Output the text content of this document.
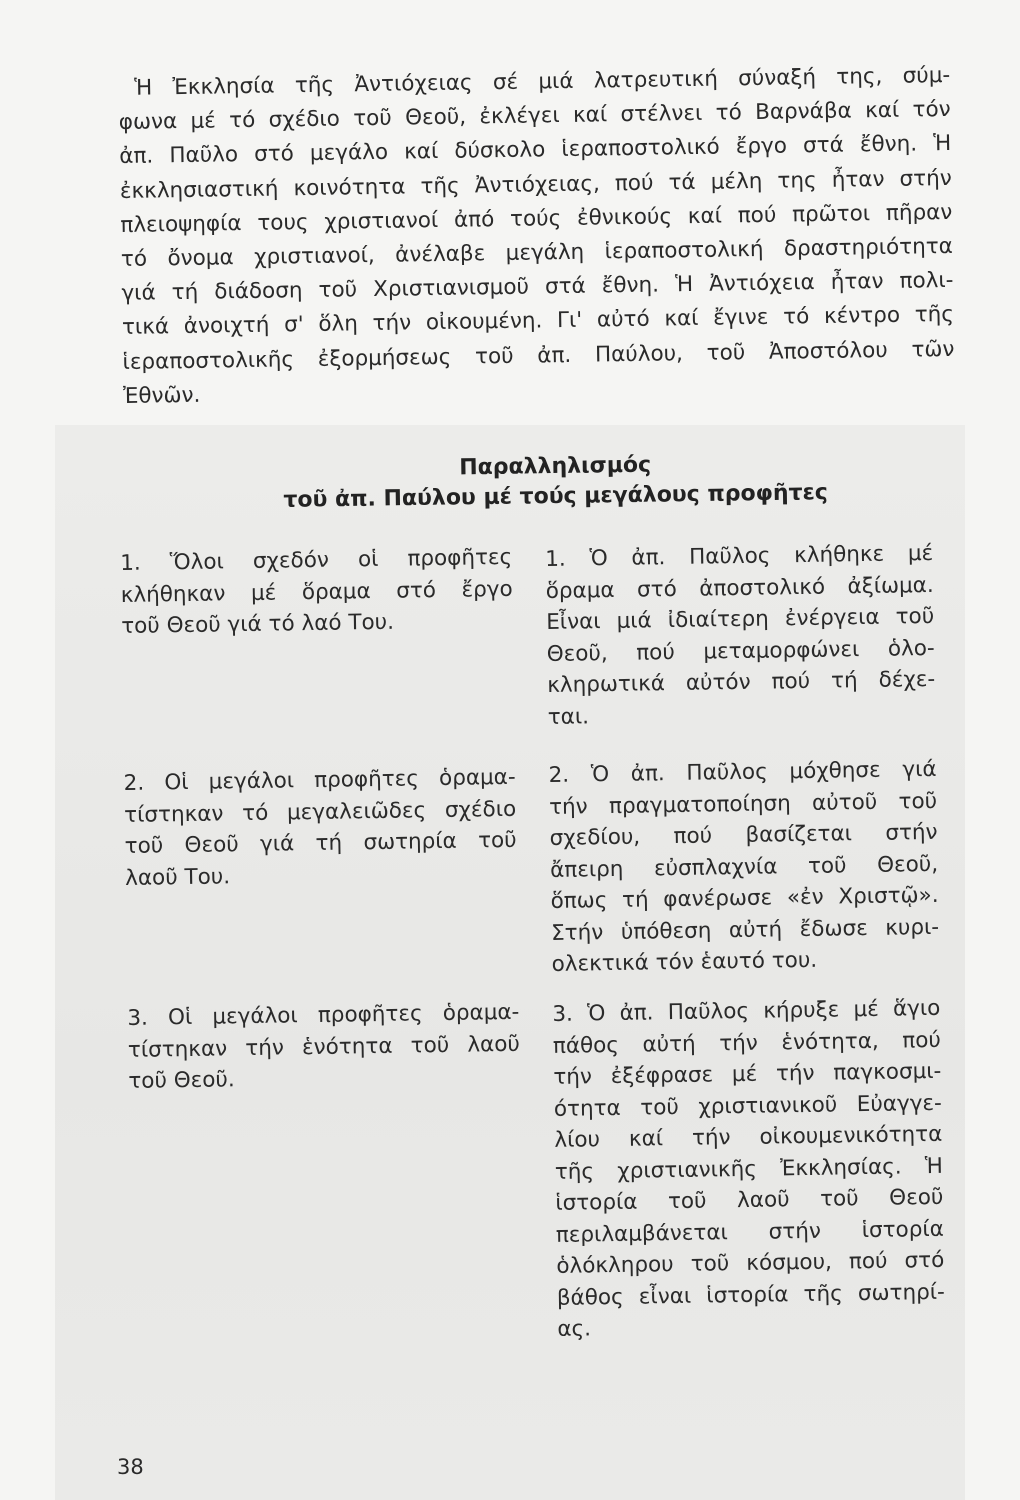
Ἡ Ἐκκλησία τῆς Ἀντιόχειας σέ μιά λατρευτική σύναξή της, σύμ-
φωνα μέ τό σχέδιο τοῦ Θεοῦ, ἐκλέγει καί στέλνει τό Βαρνάβα καί τόν
ἀπ. Παῦλο στό μεγάλο καί δύσκολο ἱεραποστολικό ἔργο στά ἔθνη. Ἡ
ἐκκλησιαστική κοινότητα τῆς Ἀντιόχειας, πού τά μέλη της ἦταν στήν
πλειοψηφία τους χριστιανοί ἀπό τούς ἐθνικούς καί πού πρῶτοι πῆραν
τό ὄνομα χριστιανοί, ἀνέλαβε μεγάλη ἱεραποστολική δραστηριότητα
γιά τή διάδοση τοῦ Χριστιανισμοῦ στά ἔθνη. Ἡ Ἀντιόχεια ἦταν πολι-
τικά ἀνοιχτή σ' ὅλη τήν οἰκουμένη. Γι' αὐτό καί ἔγινε τό κέντρο τῆς
ἱεραποστολικῆς ἐξορμήσεως τοῦ ἀπ. Παύλου, τοῦ Ἀποστόλου τῶν
Ἐθνῶν.

Παραλληλισμός
τοῦ ἀπ. Παύλου μέ τούς μεγάλους προφῆτες
1. Ὅλοι σχεδόν οἱ προφῆτες
κλήθηκαν μέ ὅραμα στό ἔργο
τοῦ Θεοῦ γιά τό λαό Του.
2. Οἱ μεγάλοι προφῆτες ὁραμα-
τίστηκαν τό μεγαλειῶδες σχέδιο
τοῦ Θεοῦ γιά τή σωτηρία τοῦ
λαοῦ Του.
3. Οἱ μεγάλοι προφῆτες ὁραμα-
τίστηκαν τήν ἑνότητα τοῦ λαοῦ
τοῦ Θεοῦ.
1. Ὁ ἀπ. Παῦλος κλήθηκε μέ
ὅραμα στό ἀποστολικό ἀξίωμα.
Εἶναι μιά ἰδιαίτερη ἐνέργεια τοῦ
Θεοῦ, πού μεταμορφώνει ὁλο-
κληρωτικά αὐτόν πού τή δέχε-
ται.
2. Ὁ ἀπ. Παῦλος μόχθησε γιά
τήν πραγματοποίηση αὐτοῦ τοῦ
σχεδίου, πού βασίζεται στήν
ἄπειρη εὐσπλαχνία τοῦ Θεοῦ,
ὅπως τή φανέρωσε «ἐν Χριστῷ».
Στήν ὑπόθεση αὐτή ἔδωσε κυρι-
ολεκτικά τόν ἑαυτό του.
3. Ὁ ἀπ. Παῦλος κήρυξε μέ ἅγιο
πάθος αὐτή τήν ἑνότητα, πού
τήν ἐξέφρασε μέ τήν παγκοσμι-
ότητα τοῦ χριστιανικοῦ Εὐαγγε-
λίου καί τήν οἰκουμενικότητα
τῆς χριστιανικῆς Ἐκκλησίας. Ἡ
ἱστορία τοῦ λαοῦ τοῦ Θεοῦ
περιλαμβάνεται στήν ἱστορία
ὁλόκληρου τοῦ κόσμου, πού στό
βάθος εἶναι ἱστορία τῆς σωτηρί-
ας.
38
